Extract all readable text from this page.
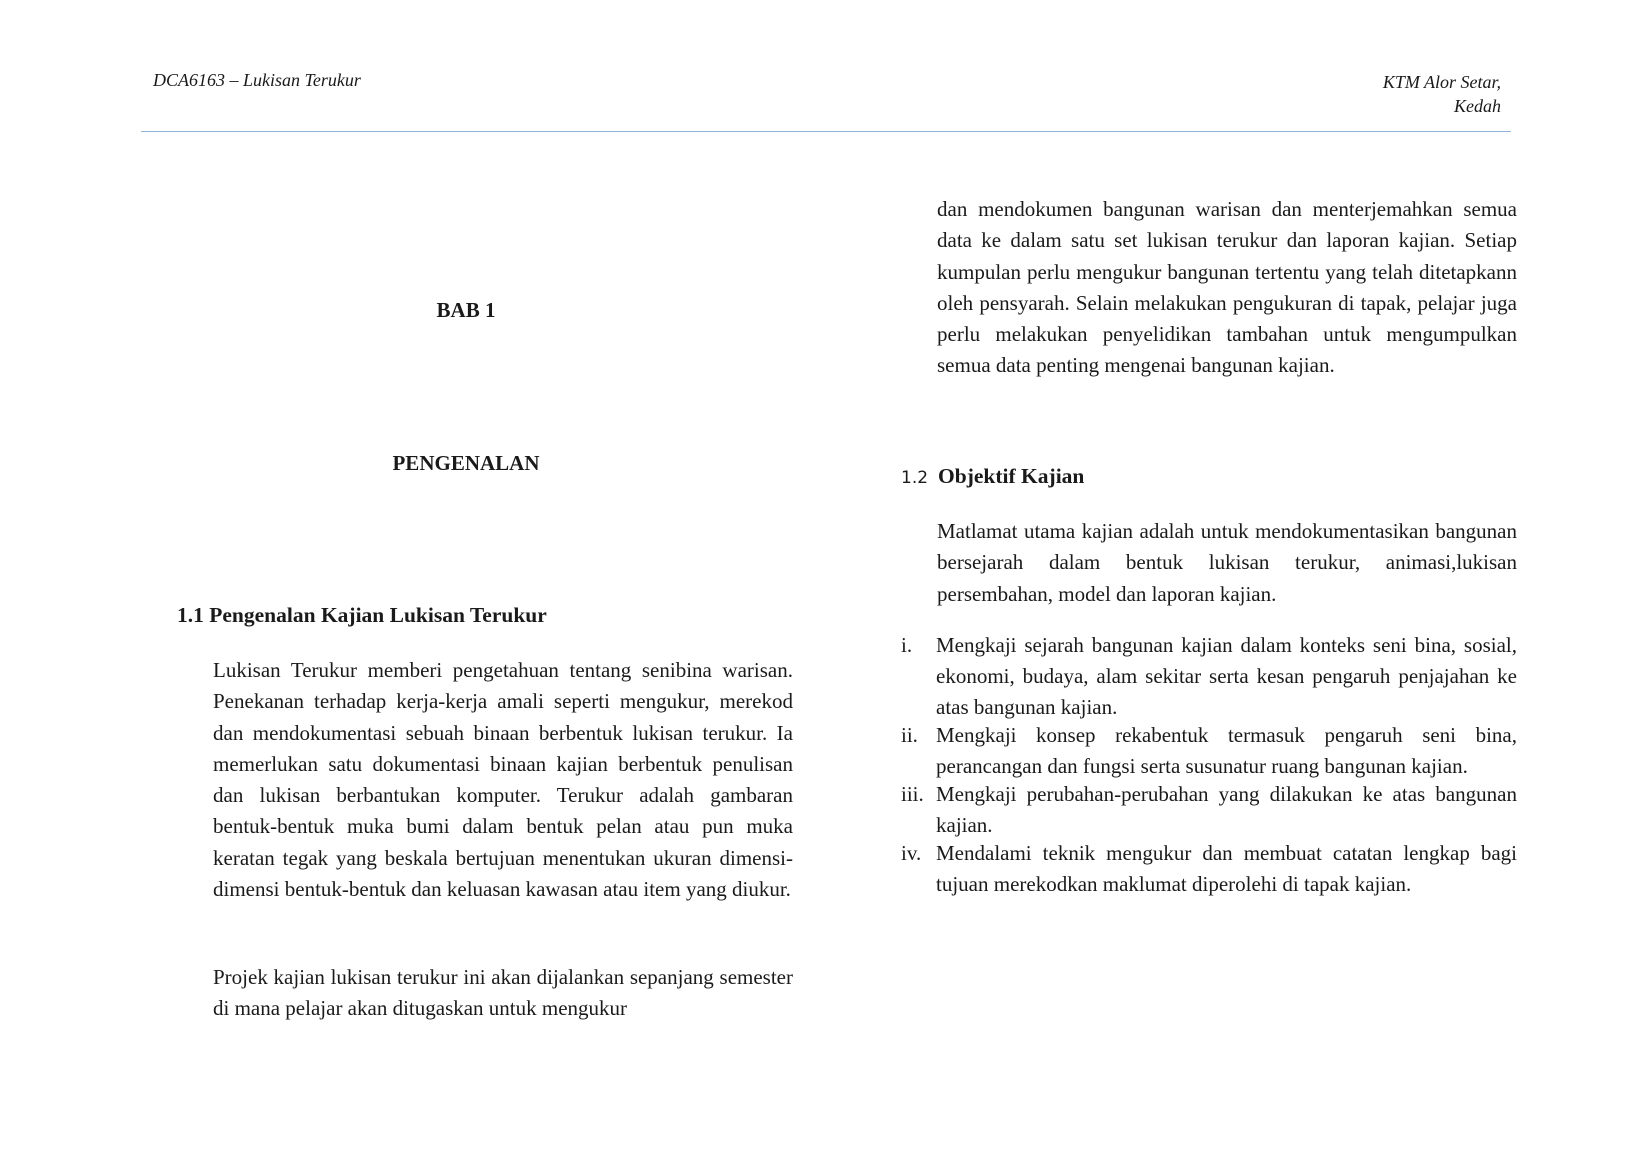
DCA6163 – Lukisan Terukur	KTM Alor Setar,
Kedah
BAB 1
PENGENALAN
1.1 Pengenalan Kajian Lukisan Terukur
Lukisan Terukur memberi pengetahuan tentang senibina warisan. Penekanan terhadap kerja-kerja amali seperti mengukur, merekod dan mendokumentasi sebuah binaan berbentuk lukisan terukur. Ia memerlukan satu dokumentasi binaan kajian berbentuk penulisan dan lukisan berbantukan komputer. Terukur adalah gambaran bentuk-bentuk muka bumi dalam bentuk pelan atau pun muka keratan tegak yang beskala bertujuan menentukan ukuran dimensi-dimensi bentuk-bentuk dan keluasan kawasan atau item yang diukur.
Projek kajian lukisan terukur ini akan dijalankan sepanjang semester di mana pelajar akan ditugaskan untuk mengukur
dan mendokumen bangunan warisan dan menterjemahkan semua data ke dalam satu set lukisan terukur dan laporan kajian. Setiap kumpulan perlu mengukur bangunan tertentu yang telah ditetapkann oleh pensyarah. Selain melakukan pengukuran di tapak, pelajar juga perlu melakukan penyelidikan tambahan untuk mengumpulkan semua data penting mengenai bangunan kajian.
1.2 Objektif Kajian
Matlamat utama kajian adalah untuk mendokumentasikan bangunan bersejarah dalam bentuk lukisan terukur, animasi,lukisan persembahan, model dan laporan kajian.
i. Mengkaji sejarah bangunan kajian dalam konteks seni bina, sosial, ekonomi, budaya, alam sekitar serta kesan pengaruh penjajahan ke atas bangunan kajian.
ii. Mengkaji konsep rekabentuk termasuk pengaruh seni bina, perancangan dan fungsi serta susunatur ruang bangunan kajian.
iii. Mengkaji perubahan-perubahan yang dilakukan ke atas bangunan kajian.
iv. Mendalami teknik mengukur dan membuat catatan lengkap bagi tujuan merekodkan maklumat diperolehi di tapak kajian.
